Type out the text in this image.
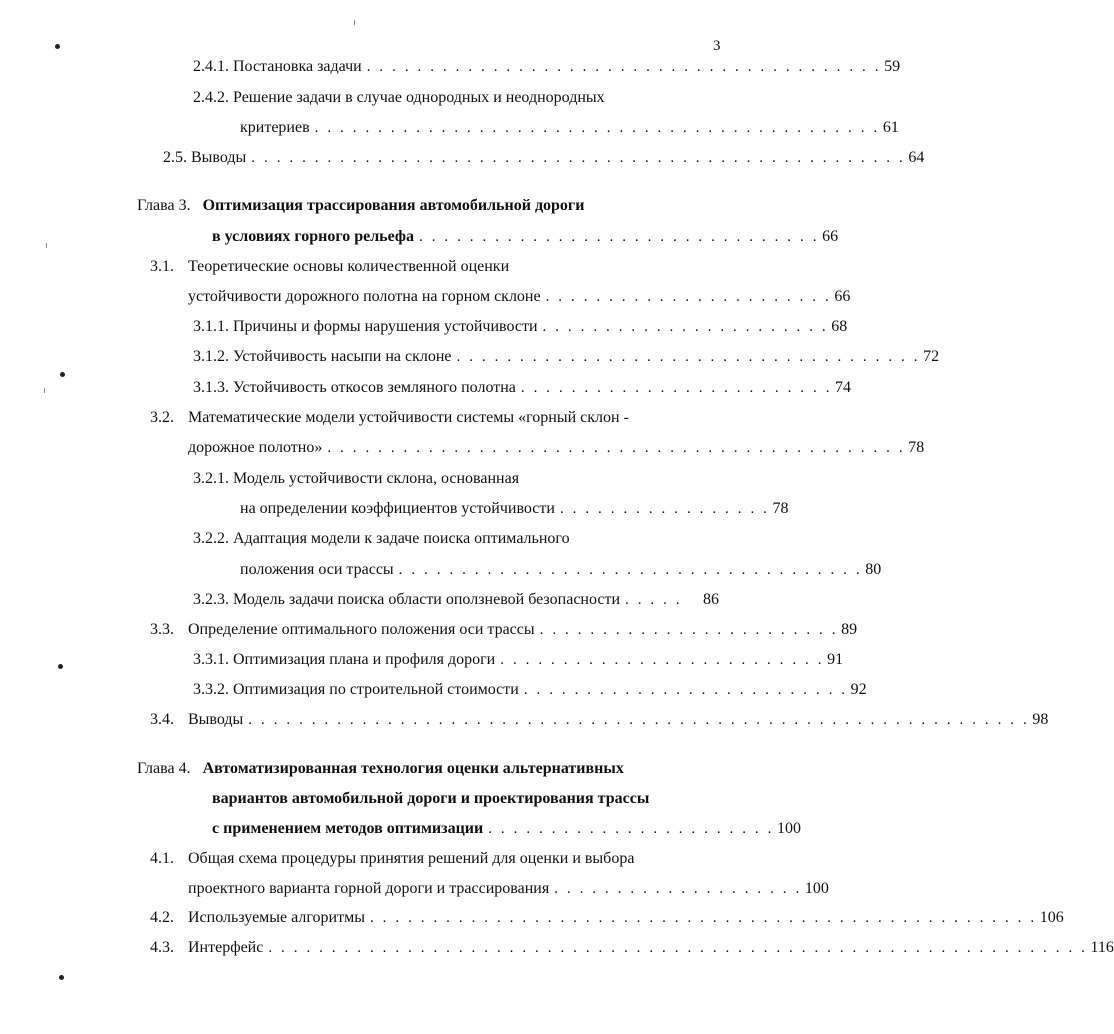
3
2.4.1. Постановка задачи . . . . . . . . . . . . . . . . . . . . . . . . . . . . . . . . . . . . . . . . . 59
2.4.2. Решение задачи в случае однородных и неоднородных
критериев . . . . . . . . . . . . . . . . . . . . . . . . . . . . . . . . . . . . . . . . . . . . . 61
2.5. Выводы . . . . . . . . . . . . . . . . . . . . . . . . . . . . . . . . . . . . . . . . . . . . . . . . . . . . 64
Глава 3. Оптимизация трассирования автомобильной дороги
в условиях горного рельефа . . . . . . . . . . . . . . . . . . . . . . . . . . . . . . . . 66
3.1. Теоретические основы количественной оценки
устойчивости дорожного полотна на горном склоне . . . . . . . . . . . . . . . . . . . . . . . 66
3.1.1. Причины и формы нарушения устойчивости . . . . . . . . . . . . . . . . . . . . . . . 68
3.1.2. Устойчивость насыпи на склоне . . . . . . . . . . . . . . . . . . . . . . . . . . . . . . . . . . . . . 72
3.1.3. Устойчивость откосов земляного полотна . . . . . . . . . . . . . . . . . . . . . . . . . 74
3.2. Математические модели устойчивости системы «горный склон -
дорожное полотно» . . . . . . . . . . . . . . . . . . . . . . . . . . . . . . . . . . . . . . . . . . . . . . 78
3.2.1. Модель устойчивости склона, основанная
на определении коэффициентов устойчивости . . . . . . . . . . . . . . . . . 78
3.2.2. Адаптация модели к задаче поиска оптимального
положения оси трассы . . . . . . . . . . . . . . . . . . . . . . . . . . . . . . . . . . . . . 80
3.2.3. Модель задачи поиска области оползневой безопасности . . . . .	86
3.3. Определение оптимального положения оси трассы . . . . . . . . . . . . . . . . . . . . . . . . 89
3.3.1. Оптимизация плана и профиля дороги . . . . . . . . . . . . . . . . . . . . . . . . . . 91
3.3.2. Оптимизация по строительной стоимости . . . . . . . . . . . . . . . . . . . . . . . . . . 92
3.4. Выводы . . . . . . . . . . . . . . . . . . . . . . . . . . . . . . . . . . . . . . . . . . . . . . . . . . . . . . . . . . . . . . 98
Глава 4. Автоматизированная технология оценки альтернативных
вариантов автомобильной дороги и проектирования трассы
с применением методов оптимизации . . . . . . . . . . . . . . . . . . . . . . . 100
4.1. Общая схема процедуры принятия решений для оценки и выбора
проектного варианта горной дороги и трассирования . . . . . . . . . . . . . . . . . . . . 100
4.2. Используемые алгоритмы . . . . . . . . . . . . . . . . . . . . . . . . . . . . . . . . . . . . . . . . . . . . . . . . . . . . . 106
4.3. Интерфейс . . . . . . . . . . . . . . . . . . . . . . . . . . . . . . . . . . . . . . . . . . . . . . . . . . . . . . . . . . . . . . . . . 116
